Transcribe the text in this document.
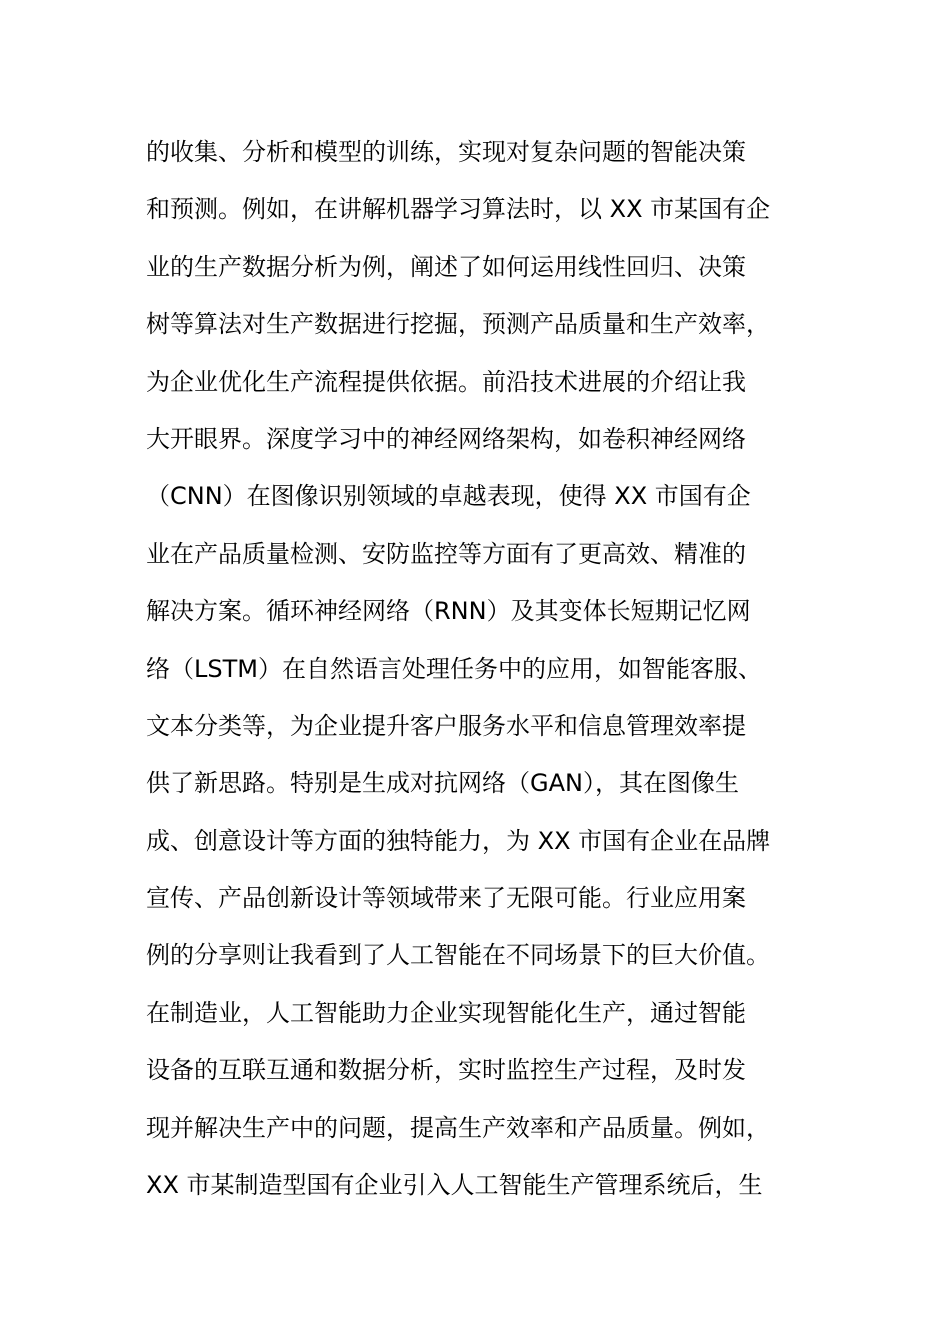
的收集、分析和模型的训练，实现对复杂问题的智能决策
和预测。例如，在讲解机器学习算法时，以 XX 市某国有企
业的生产数据分析为例，阐述了如何运用线性回归、决策
树等算法对生产数据进行挖掘，预测产品质量和生产效率，
为企业优化生产流程提供依据。前沿技术进展的介绍让我
大开眼界。深度学习中的神经网络架构，如卷积神经网络
（CNN）在图像识别领域的卓越表现，使得 XX 市国有企
业在产品质量检测、安防监控等方面有了更高效、精准的
解决方案。循环神经网络（RNN）及其变体长短期记忆网
络（LSTM）在自然语言处理任务中的应用，如智能客服、
文本分类等，为企业提升客户服务水平和信息管理效率提
供了新思路。特别是生成对抗网络（GAN），其在图像生
成、创意设计等方面的独特能力，为 XX 市国有企业在品牌
宣传、产品创新设计等领域带来了无限可能。行业应用案
例的分享则让我看到了人工智能在不同场景下的巨大价值。
在制造业，人工智能助力企业实现智能化生产，通过智能
设备的互联互通和数据分析，实时监控生产过程，及时发
现并解决生产中的问题，提高生产效率和产品质量。例如，
XX 市某制造型国有企业引入人工智能生产管理系统后，生
